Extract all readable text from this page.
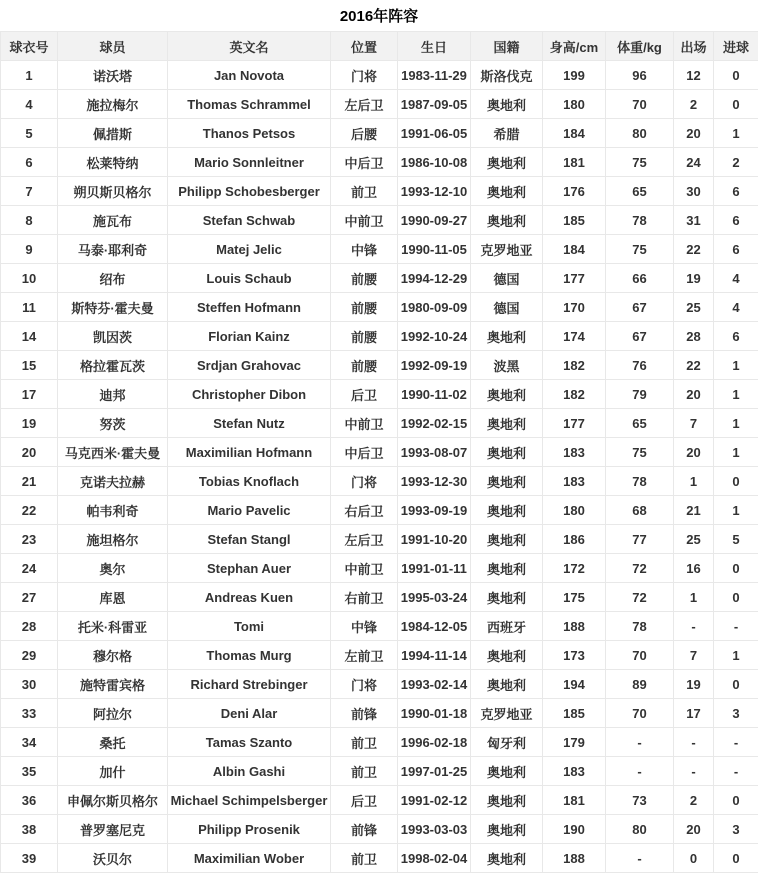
2016年阵容
球衣号	球员	英文名	位置	生日	国籍	身高/cm	体重/kg	出场	进球
1	诺沃塔	Jan Novota	门将	1983-11-29	斯洛伐克	199	96	12	0
4	施拉梅尔	Thomas Schrammel	左后卫	1987-09-05	奥地利	180	70	2	0
5	佩措斯	Thanos Petsos	后腰	1991-06-05	希腊	184	80	20	1
6	松莱特纳	Mario Sonnleitner	中后卫	1986-10-08	奥地利	181	75	24	2
7	朔贝斯贝格尔	Philipp Schobesberger	前卫	1993-12-10	奥地利	176	65	30	6
8	施瓦布	Stefan Schwab	中前卫	1990-09-27	奥地利	185	78	31	6
9	马泰·耶利奇	Matej Jelic	中锋	1990-11-05	克罗地亚	184	75	22	6
10	绍布	Louis Schaub	前腰	1994-12-29	德国	177	66	19	4
11	斯特芬·霍夫曼	Steffen Hofmann	前腰	1980-09-09	德国	170	67	25	4
14	凯因茨	Florian Kainz	前腰	1992-10-24	奥地利	174	67	28	6
15	格拉霍瓦茨	Srdjan Grahovac	前腰	1992-09-19	波黑	182	76	22	1
17	迪邦	Christopher Dibon	后卫	1990-11-02	奥地利	182	79	20	1
19	努茨	Stefan Nutz	中前卫	1992-02-15	奥地利	177	65	7	1
20	马克西米·霍夫曼	Maximilian Hofmann	中后卫	1993-08-07	奥地利	183	75	20	1
21	克诺夫拉赫	Tobias Knoflach	门将	1993-12-30	奥地利	183	78	1	0
22	帕韦利奇	Mario Pavelic	右后卫	1993-09-19	奥地利	180	68	21	1
23	施坦格尔	Stefan Stangl	左后卫	1991-10-20	奥地利	186	77	25	5
24	奥尔	Stephan Auer	中前卫	1991-01-11	奥地利	172	72	16	0
27	库恩	Andreas Kuen	右前卫	1995-03-24	奥地利	175	72	1	0
28	托米·科雷亚	Tomi	中锋	1984-12-05	西班牙	188	78	-	-
29	穆尔格	Thomas Murg	左前卫	1994-11-14	奥地利	173	70	7	1
30	施特雷宾格	Richard Strebinger	门将	1993-02-14	奥地利	194	89	19	0
33	阿拉尔	Deni Alar	前锋	1990-01-18	克罗地亚	185	70	17	3
34	桑托	Tamas Szanto	前卫	1996-02-18	匈牙利	179	-	-	-
35	加什	Albin Gashi	前卫	1997-01-25	奥地利	183	-	-	-
36	申佩尔斯贝格尔	Michael Schimpelsberger	后卫	1991-02-12	奥地利	181	73	2	0
38	普罗塞尼克	Philipp Prosenik	前锋	1993-03-03	奥地利	190	80	20	3
39	沃贝尔	Maximilian Wober	前卫	1998-02-04	奥地利	188	-	0	0
